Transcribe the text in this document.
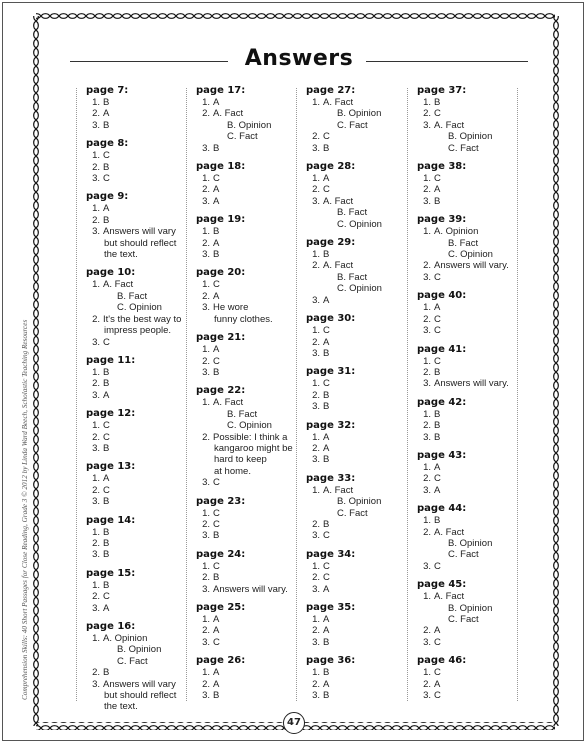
Comprehension Skills: 40 Short Passages for Close Reading, Grade 3 © 2012 by Linda Ward Beech, Scholastic Teaching Resources
Answers
page 7:
1. B
2. A
3. B
page 8:
1. C
2. B
3. C
page 9:
1. A
2. B
3. Answers will vary
but should reflect
the text.
page 10:
1. A. Fact
B. Fact
C. Opinion
2. It's the best way to
impress people.
3. C
page 11:
1. B
2. B
3. A
page 12:
1. C
2. C
3. B
page 13:
1. A
2. C
3. B
page 14:
1. B
2. B
3. B
page 15:
1. B
2. C
3. A
page 16:
1. A. Opinion
B. Opinion
C. Fact
2. B
3. Answers will vary
but should reflect
the text.
page 17:
1. A
2. A. Fact
B. Opinion
C. Fact
3. B
page 18:
1. C
2. A
3. A
page 19:
1. B
2. A
3. B
page 20:
1. C
2. A
3. He wore
funny clothes.
page 21:
1. A
2. C
3. B
page 22:
1. A. Fact
B. Fact
C. Opinion
2. Possible: I think a
kangaroo might be
hard to keep
at home.
3. C
page 23:
1. C
2. C
3. B
page 24:
1. C
2. B
3. Answers will vary.
page 25:
1. A
2. A
3. C
page 26:
1. A
2. A
3. B
page 27:
1. A. Fact
B. Opinion
C. Fact
2. C
3. B
page 28:
1. A
2. C
3. A. Fact
B. Fact
C. Opinion
page 29:
1. B
2. A. Fact
B. Fact
C. Opinion
3. A
page 30:
1. C
2. A
3. B
page 31:
1. C
2. B
3. B
page 32:
1. A
2. A
3. B
page 33:
1. A. Fact
B. Opinion
C. Fact
2. B
3. C
page 34:
1. C
2. C
3. A
page 35:
1. A
2. A
3. B
page 36:
1. B
2. A
3. B
page 37:
1. B
2. C
3. A. Fact
B. Opinion
C. Fact
page 38:
1. C
2. A
3. B
page 39:
1. A. Opinion
B. Fact
C. Opinion
2. Answers will vary.
3. C
page 40:
1. A
2. C
3. C
page 41:
1. C
2. B
3. Answers will vary.
page 42:
1. B
2. B
3. B
page 43:
1. A
2. C
3. A
page 44:
1. B
2. A. Fact
B. Opinion
C. Fact
3. C
page 45:
1. A. Fact
B. Opinion
C. Fact
2. A
3. C
page 46:
1. C
2. A
3. C
47
